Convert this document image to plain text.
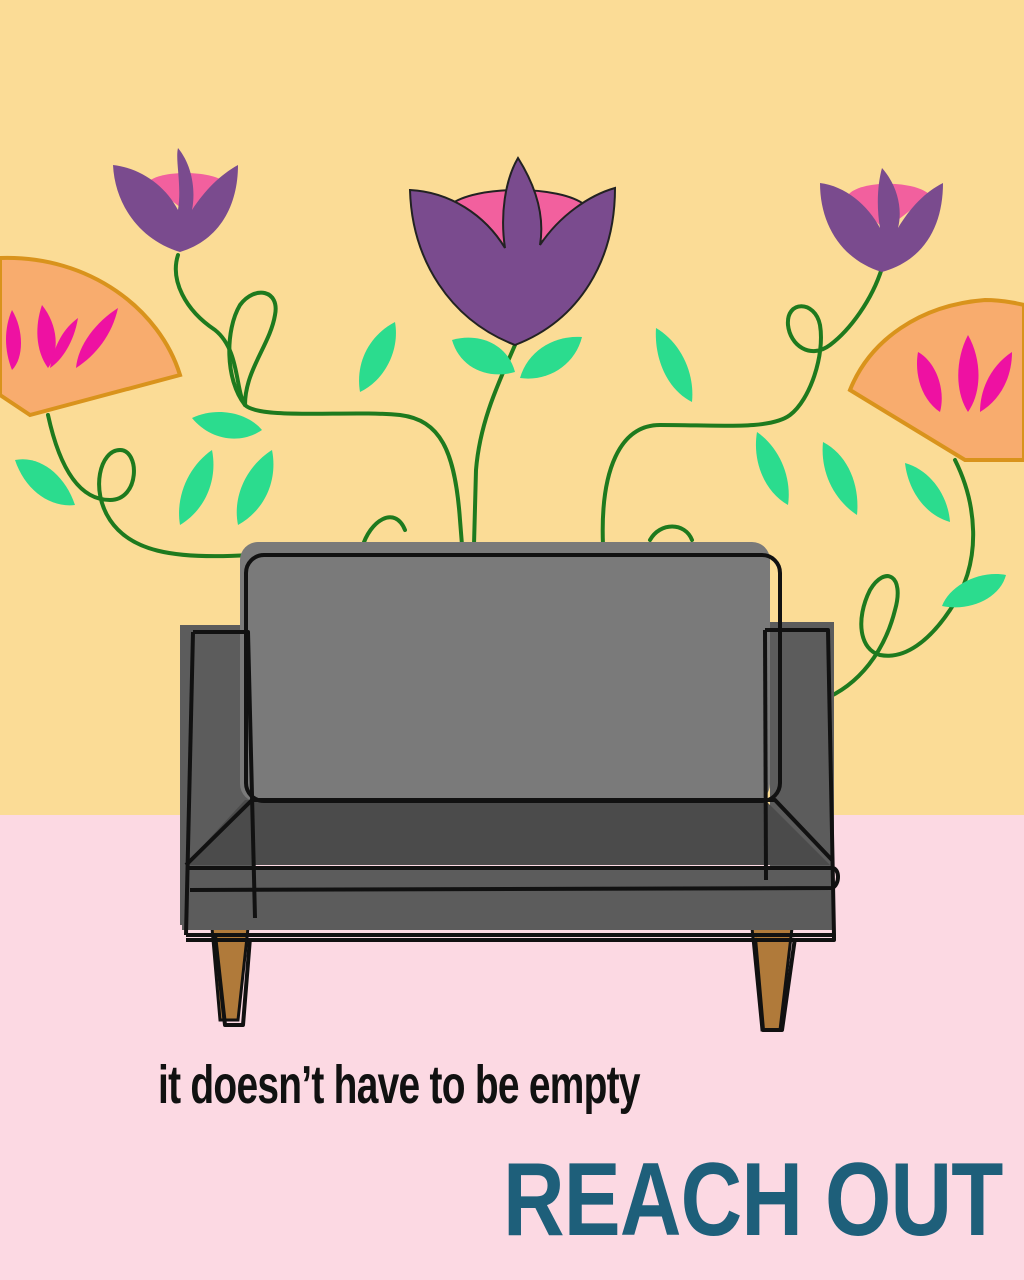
it doesn’t have to be empty

REACH OUT
